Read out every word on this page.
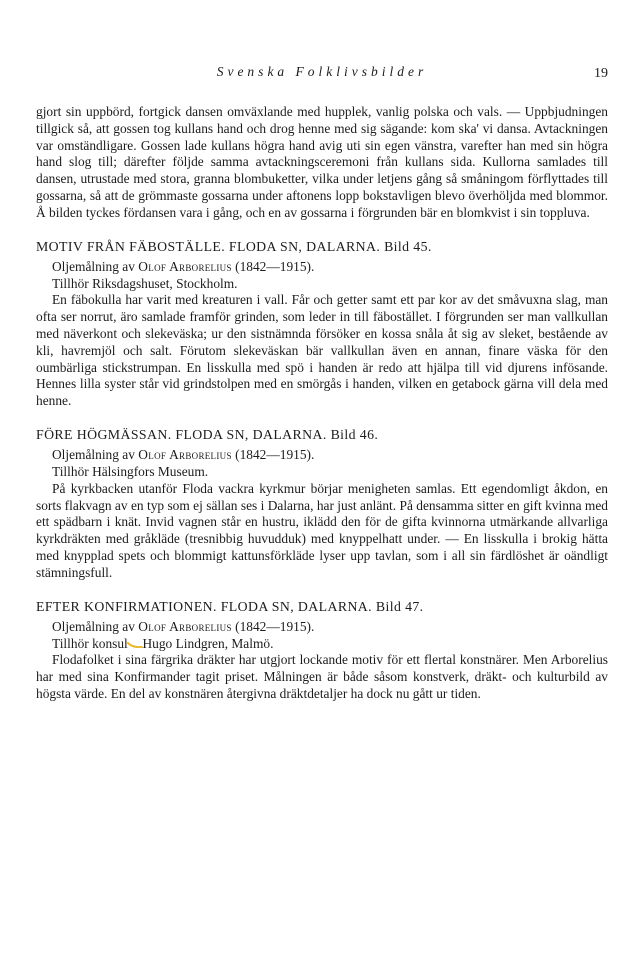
Svenska Folklivsbilder	19

gjort sin uppbörd, fortgick dansen omväxlande med hupplek, vanlig polska och vals. — Uppbjudningen tillgick så, att gossen tog kullans hand och drog henne med sig sägande: kom ska' vi dansa. Avtackningen var omständligare. Gossen lade kullans högra hand avig uti sin egen vänstra, varefter han med sin högra hand slog till; därefter följde samma avtackningsceremoni från kullans sida. Kullorna samlades till dansen, utrustade med stora, granna blombuketter, vilka under letjens gång så småningom förflyttades till gossarna, så att de grömmaste gossarna under aftonens lopp bokstavligen blevo överhöljda med blommor. Å bilden tyckes fördansen vara i gång, och en av gossarna i förgrunden bär en blomkvist i sin toppluva.

MOTIV FRÅN FÄBOSTÄLLE. FLODA SN, DALARNA. Bild 45.
Oljemålning av Olof Arborelius (1842—1915).
Tillhör Riksdagshuset, Stockholm.

En fäbokulla har varit med kreaturen i vall. Får och getter samt ett par kor av det småvuxna slag, man ofta ser norrut, äro samlade framför grinden, som leder in till fäbostället. I förgrunden ser man vallkullan med näverkont och slekeväska; ur den sistnämnda försöker en kossa snåla åt sig av sleket, bestående av kli, havremjöl och salt. Förutom slekeväskan bär vallkullan även en annan, finare väska för den oumbärliga stickstrumpan. En lisskulla med spö i handen är redo att hjälpa till vid djurens infösande. Hennes lilla syster står vid grindstolpen med en smörgås i handen, vilken en getabock gärna vill dela med henne.

FÖRE HÖGMÄSSAN. FLODA SN, DALARNA. Bild 46.
Oljemålning av Olof Arborelius (1842—1915).
Tillhör Hälsingfors Museum.

På kyrkbacken utanför Floda vackra kyrkmur börjar menigheten samlas. Ett egendomligt åkdon, en sorts flakvagn av en typ som ej sällan ses i Dalarna, har just anlänt. På densamma sitter en gift kvinna med ett spädbarn i knät. Invid vagnen står en hustru, iklädd den för de gifta kvinnorna utmärkande allvarliga kyrkdräkten med gråkläde (tresnibbig huvudduk) med knyppelhatt under. — En lisskulla i brokig hätta med knypplad spets och blommigt kattunsförkläde lyser upp tavlan, som i all sin färdlöshet är oändligt stämningsfull.

EFTER KONFIRMATIONEN. FLODA SN, DALARNA. Bild 47.
Oljemålning av Olof Arborelius (1842—1915).
Tillhör konsul Hugo Lindgren, Malmö.

Flodafolket i sina färgrika dräkter har utgjort lockande motiv för ett flertal konstnärer. Men Arborelius har med sina Konfirmander tagit priset. Målningen är både såsom konstverk, dräkt- och kulturbild av högsta värde. En del av konstnären återgivna dräktdetaljer ha dock nu gått ur tiden.
